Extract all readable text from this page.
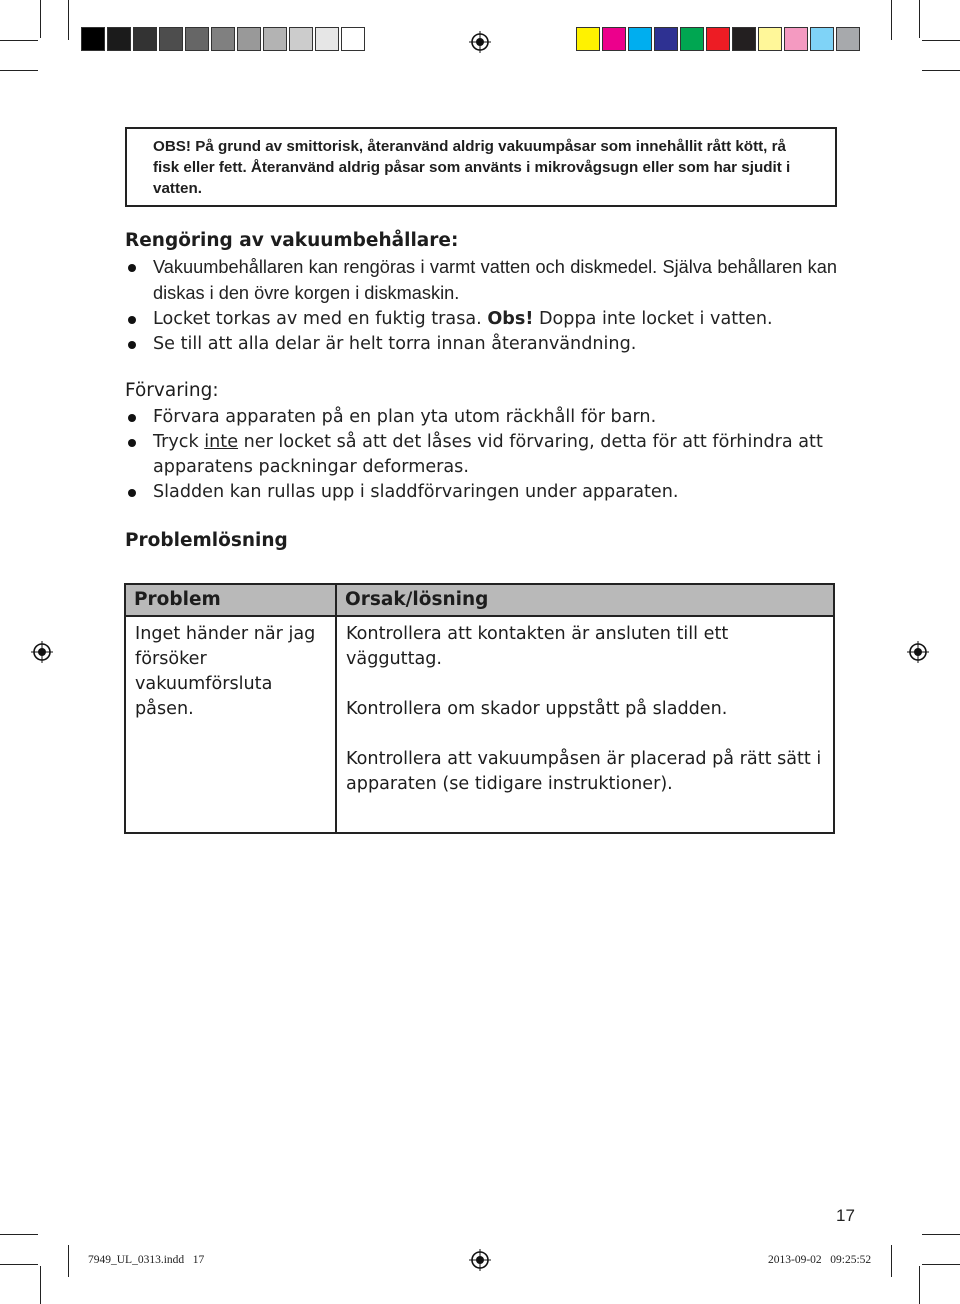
OBS! På grund av smittorisk, återanvänd aldrig vakuumpåsar som innehållit rått kött, rå fisk eller fett. Återanvänd aldrig påsar som använts i mikrovågsugn eller som har sjudit i vatten.
Rengöring av vakuumbehållare:
Vakuumbehållaren kan rengöras i varmt vatten och diskmedel. Själva behållaren kan diskas i den övre korgen i diskmaskin.
Locket torkas av med en fuktig trasa. Obs! Doppa inte locket i vatten.
Se till att alla delar är helt torra innan återanvändning.
Förvaring:
Förvara apparaten på en plan yta utom räckhåll för barn.
Tryck inte ner locket så att det låses vid förvaring, detta för att förhindra att apparatens packningar deformeras.
Sladden kan rullas upp i sladdförvaringen under apparaten.
Problemlösning
Problem	Orsak/lösning
Inget händer när jag försöker vakuumförsluta påsen.	Kontrollera att kontakten är ansluten till ett vägguttag.

Kontrollera om skador uppstått på sladden.

Kontrollera att vakuumpåsen är placerad på rätt sätt i apparaten (se tidigare instruktioner).

17
7949_UL_0313.indd   17	2013-09-02   09:25:52
